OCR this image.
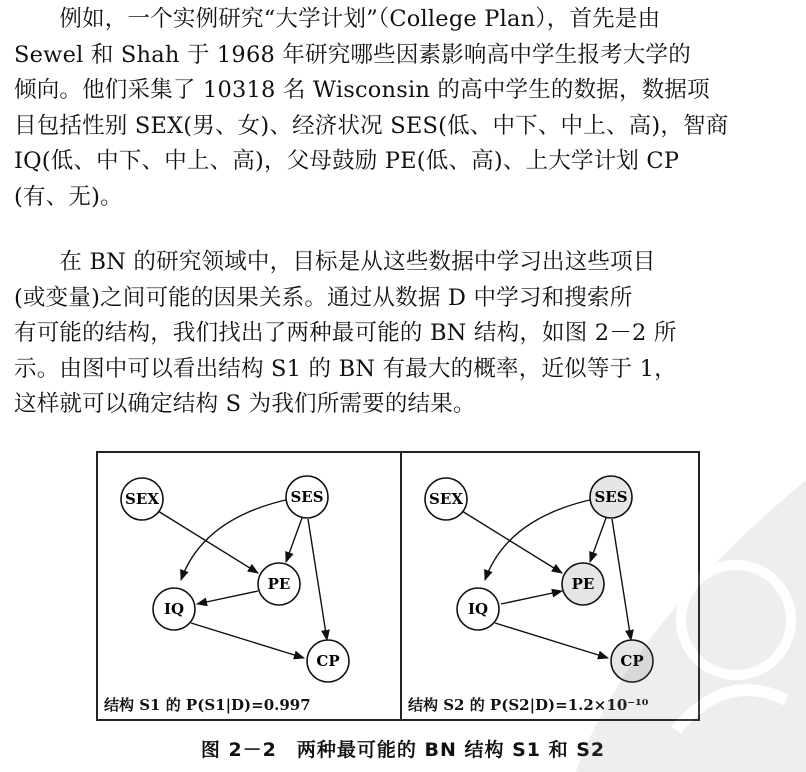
　　例如，一个实例研究“大学计划”（College Plan），首先是由
Sewel 和 Shah 于 1968 年研究哪些因素影响高中学生报考大学的
倾向。他们采集了 10318 名 Wisconsin 的高中学生的数据，数据项
目包括性别 SEX(男、女)、经济状况 SES(低、中下、中上、高)，智商
IQ(低、中下、中上、高)，父母鼓励 PE(低、高)、上大学计划 CP
(有、无)。
　　在 BN 的研究领域中，目标是从这些数据中学习出这些项目
(或变量)之间可能的因果关系。通过从数据 D 中学习和搜索所
有可能的结构，我们找出了两种最可能的 BN 结构，如图 2－2 所
示。由图中可以看出结构 S1 的 BN 有最大的概率，近似等于 1，
这样就可以确定结构 S 为我们所需要的结果。
SEX	SES
PE
IQ
CP
结构 S1 的 P(S1|D)=0.997
SEX	SES
PE
IQ
CP
结构 S2 的 P(S2|D)=1.2×10⁻¹⁰
图 2－2　两种最可能的 BN 结构 S1 和 S2
